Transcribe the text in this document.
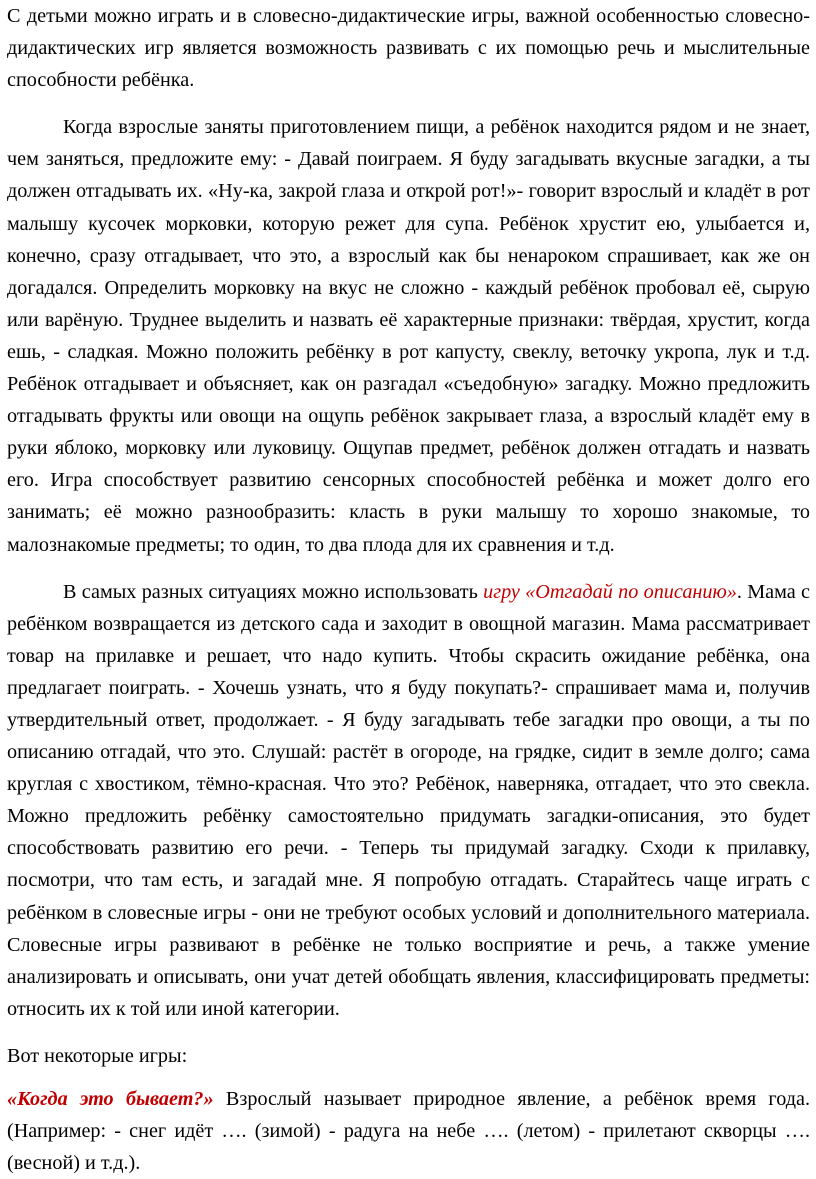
С детьми можно играть и в словесно-дидактические игры, важной особенностью словесно-дидактических игр является возможность развивать с их помощью речь и мыслительные способности ребёнка.

Когда взрослые заняты приготовлением пищи, а ребёнок находится рядом и не знает, чем заняться, предложите ему: - Давай поиграем. Я буду загадывать вкусные загадки, а ты должен отгадывать их. «Ну-ка, закрой глаза и открой рот!»- говорит взрослый и кладёт в рот малышу кусочек морковки, которую режет для супа. Ребёнок хрустит ею, улыбается и, конечно, сразу отгадывает, что это, а взрослый как бы ненароком спрашивает, как же он догадался. Определить морковку на вкус не сложно - каждый ребёнок пробовал её, сырую или варёную. Труднее выделить и назвать её характерные признаки: твёрдая, хрустит, когда ешь, - сладкая. Можно положить ребёнку в рот капусту, свеклу, веточку укропа, лук и т.д. Ребёнок отгадывает и объясняет, как он разгадал «съедобную» загадку. Можно предложить отгадывать фрукты или овощи на ощупь ребёнок закрывает глаза, а взрослый кладёт ему в руки яблоко, морковку или луковицу. Ощупав предмет, ребёнок должен отгадать и назвать его. Игра способствует развитию сенсорных способностей ребёнка и может долго его занимать; её можно разнообразить: класть в руки малышу то хорошо знакомые, то малознакомые предметы; то один, то два плода для их сравнения и т.д.

В самых разных ситуациях можно использовать игру «Отгадай по описанию». Мама с ребёнком возвращается из детского сада и заходит в овощной магазин. Мама рассматривает товар на прилавке и решает, что надо купить. Чтобы скрасить ожидание ребёнка, она предлагает поиграть. - Хочешь узнать, что я буду покупать?- спрашивает мама и, получив утвердительный ответ, продолжает. - Я буду загадывать тебе загадки про овощи, а ты по описанию отгадай, что это. Слушай: растёт в огороде, на грядке, сидит в земле долго; сама круглая с хвостиком, тёмно-красная. Что это? Ребёнок, наверняка, отгадает, что это свекла. Можно предложить ребёнку самостоятельно придумать загадки-описания, это будет способствовать развитию его речи. - Теперь ты придумай загадку. Сходи к прилавку, посмотри, что там есть, и загадай мне. Я попробую отгадать. Старайтесь чаще играть с ребёнком в словесные игры - они не требуют особых условий и дополнительного материала. Словесные игры развивают в ребёнке не только восприятие и речь, а также умение анализировать и описывать, они учат детей обобщать явления, классифицировать предметы: относить их к той или иной категории.

Вот некоторые игры:

«Когда это бывает?» Взрослый называет природное явление, а ребёнок время года. (Например: - снег идёт …. (зимой) - радуга на небе …. (летом) - прилетают скворцы …. (весной) и т.д.).
